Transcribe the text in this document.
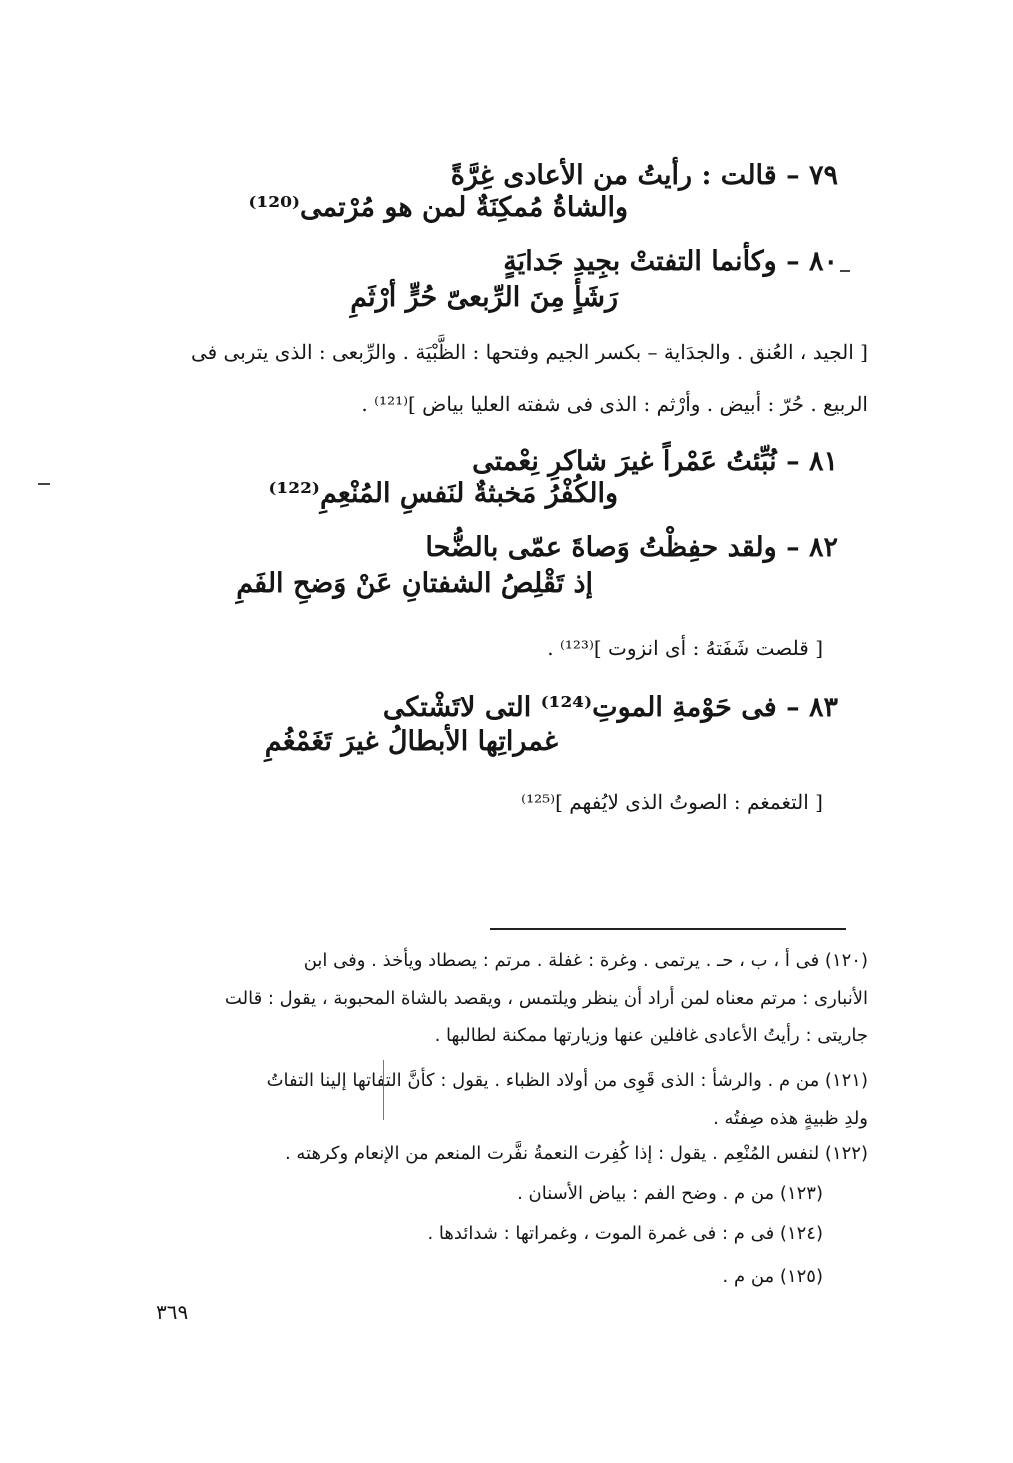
٧٩ – قالت : رأيتُ من الأعادى غِرَّةً
والشاةُ مُمكِنَةٌ لمن هو مُرْتمى⁽¹²⁰⁾
٨٠ – وكأنما التفتتْ بجِيدِ جَدايَةٍ
رَشَأٍ مِنَ الرِّبعىّ حُرٍّ أرْثَمِ
[ الجيد ، العُنق . والجدَاية – بكسر الجيم وفتحها : الظَّبْيَة . والرِّبعى : الذى يتربى فى
الربيع . حُرّ : أبيض . وأرْثم : الذى فى شفته العليا بياض ]⁽¹²¹⁾ .
٨١ – نُبِّئتُ عَمْراً غيرَ شاكرِ نِعْمتى
والكُفْرُ مَخبثةٌ لنَفسِ المُنْعِمِ⁽¹²²⁾
٨٢ – ولقد حفِظْتُ وَصاةَ عمّى بالضُّحا
إذ تَقْلِصُ الشفتانِ عَنْ وَضحِ الفَمِ
[ قلصت شَفَتهُ : أى انزوت ]⁽¹²³⁾ .
٨٣ – فى حَوْمةِ الموتِ⁽¹²⁴⁾ التى لاتَشْتكى
غمراتِها الأبطالُ غيرَ تَغَمْغُمِ
[ التغمغم : الصوتُ الذى لايُفهم ]⁽¹²⁵⁾
(١٢٠) فى أ ، ب ، حـ . يرتمى . وغرة : غفلة . مرتم : يصطاد ويأخذ . وفى ابن
الأنبارى : مرتم معناه لمن أراد أن ينظر ويلتمس ، ويقصد بالشاة المحبوبة ، يقول : قالت
جاريتى : رأيتُ الأعادى غافلين عنها وزيارتها ممكنة لطالبها .
(١٢١) من م . والرشأ : الذى قَوِى من أولاد الظباء . يقول : كأنَّ التفاتها إلينا التفاتُ
ولدِ ظبيةٍ هذه صِفتُه .
(١٢٢) لنفس المُنْعِم . يقول : إذا كُفِرت النعمةُ نفَّرت المنعم من الإنعام وكرهته .
(١٢٣) من م . وضح الفم : بياض الأسنان .
(١٢٤) فى م : فى غمرة الموت ، وغمراتها : شدائدها .
(١٢٥) من م .
٣٦٩
